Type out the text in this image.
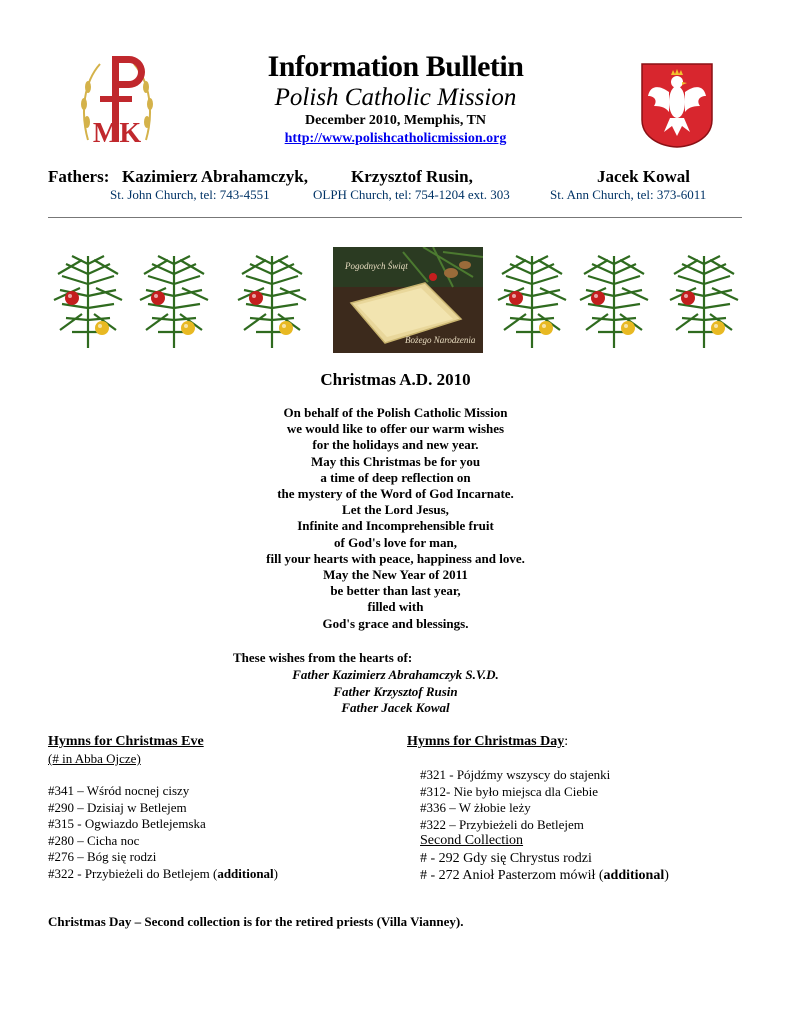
MK
Information Bulletin
Polish Catholic Mission
December 2010, Memphis, TN
http://www.polishcatholicmission.org
Fathers: Kazimierz Abrahamczyk,	Krzysztof Rusin,	Jacek Kowal
St. John Church, tel: 743-4551	OLPH Church, tel: 754-1204 ext. 303	St. Ann Church, tel: 373-6011
Pogodnych Świąt
Bożego Narodzenia
Christmas A.D. 2010
On behalf of the Polish Catholic Mission
we would like to offer our warm wishes
for the holidays and new year.
May this Christmas be for you
a time of deep reflection on
the mystery of the Word of God Incarnate.
Let the Lord Jesus,
Infinite and Incomprehensible fruit
of God's love for man,
fill your hearts with peace, happiness and love.
May the New Year of 2011
be better than last year,
filled with
God's grace and blessings.
These wishes from the hearts of:
Father Kazimierz Abrahamczyk S.V.D.
Father Krzysztof Rusin
Father Jacek Kowal
Hymns for Christmas Eve
(# in Abba Ojcze)
#341 – Wśród nocnej ciszy
#290 – Dzisiaj w Betlejem
#315 - Ogwiazdo Betlejemska
#280 – Cicha noc
#276 – Bóg się rodzi
#322 - Przybieżeli do Betlejem (additional)
Hymns for Christmas Day:
#321 - Pójdźmy wszyscy do stajenki
#312- Nie było miejsca dla Ciebie
#336 – W żłobie leży
#322 – Przybieżeli do Betlejem
Second Collection
# - 292 Gdy się Chrystus rodzi
# - 272 Anioł Pasterzom mówił (additional)
Christmas Day – Second collection is for the retired priests (Villa Vianney).
